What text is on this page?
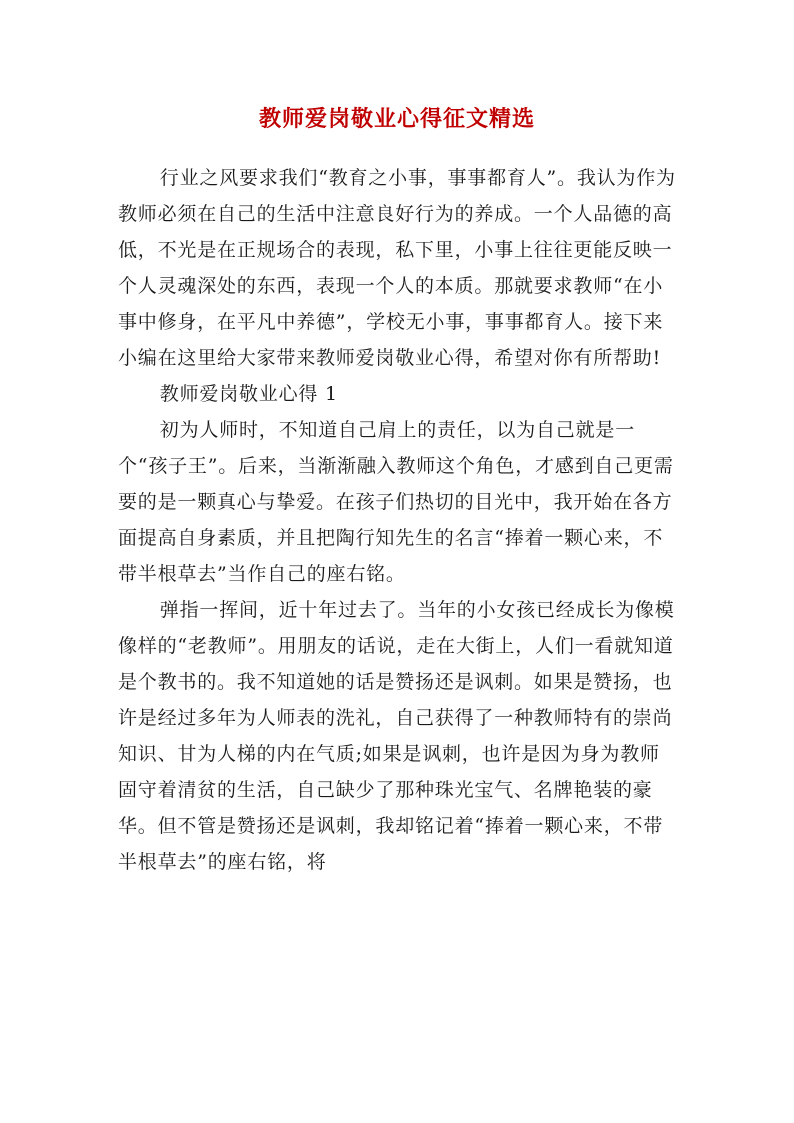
教师爱岗敬业心得征文精选

行业之风要求我们“教育之小事，事事都育人”。我认为作为教师必须在自己的生活中注意良好行为的养成。一个人品德的高低，不光是在正规场合的表现，私下里，小事上往往更能反映一个人灵魂深处的东西，表现一个人的本质。那就要求教师“在小事中修身，在平凡中养德”，学校无小事，事事都育人。接下来小编在这里给大家带来教师爱岗敬业心得，希望对你有所帮助!

教师爱岗敬业心得 1

初为人师时，不知道自己肩上的责任，以为自己就是一个“孩子王”。后来，当渐渐融入教师这个角色，才感到自己更需要的是一颗真心与挚爱。在孩子们热切的目光中，我开始在各方面提高自身素质，并且把陶行知先生的名言“捧着一颗心来，不带半根草去”当作自己的座右铭。

弹指一挥间，近十年过去了。当年的小女孩已经成长为像模像样的“老教师”。用朋友的话说，走在大街上，人们一看就知道是个教书的。我不知道她的话是赞扬还是讽刺。如果是赞扬，也许是经过多年为人师表的洗礼，自己获得了一种教师特有的崇尚知识、甘为人梯的内在气质;如果是讽刺，也许是因为身为教师固守着清贫的生活，自己缺少了那种珠光宝气、名牌艳装的豪华。但不管是赞扬还是讽刺，我却铭记着“捧着一颗心来，不带半根草去”的座右铭，将
